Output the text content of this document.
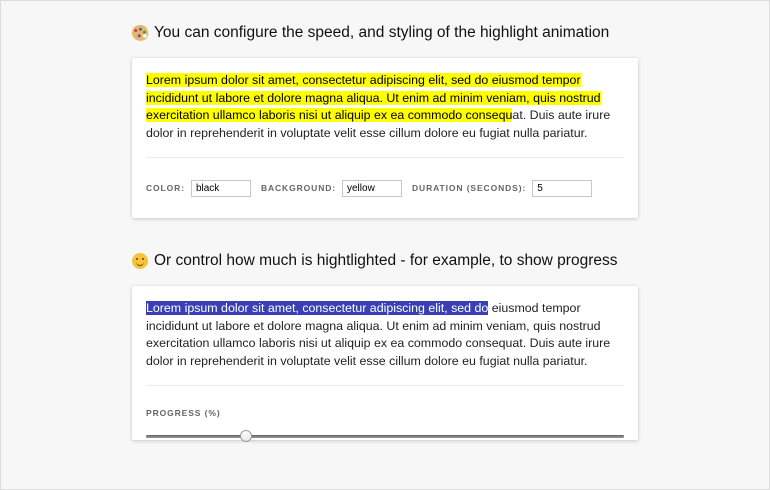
You can configure the speed, and styling of the highlight animation

Lorem ipsum dolor sit amet, consectetur adipiscing elit, sed do eiusmod tempor incididunt ut labore et dolore magna aliqua. Ut enim ad minim veniam, quis nostrud exercitation ullamco laboris nisi ut aliquip ex ea commodo consequat. Duis aute irure dolor in reprehenderit in voluptate velit esse cillum dolore eu fugiat nulla pariatur.

COLOR:
black	BACKGROUND:
yellow	DURATION (SECONDS):
5
Or control how much is hightlighted - for example, to show progress

Lorem ipsum dolor sit amet, consectetur adipiscing elit, sed do eiusmod tempor incididunt ut labore et dolore magna aliqua. Ut enim ad minim veniam, quis nostrud exercitation ullamco laboris nisi ut aliquip ex ea commodo consequat. Duis aute irure dolor in reprehenderit in voluptate velit esse cillum dolore eu fugiat nulla pariatur.

PROGRESS (%)
